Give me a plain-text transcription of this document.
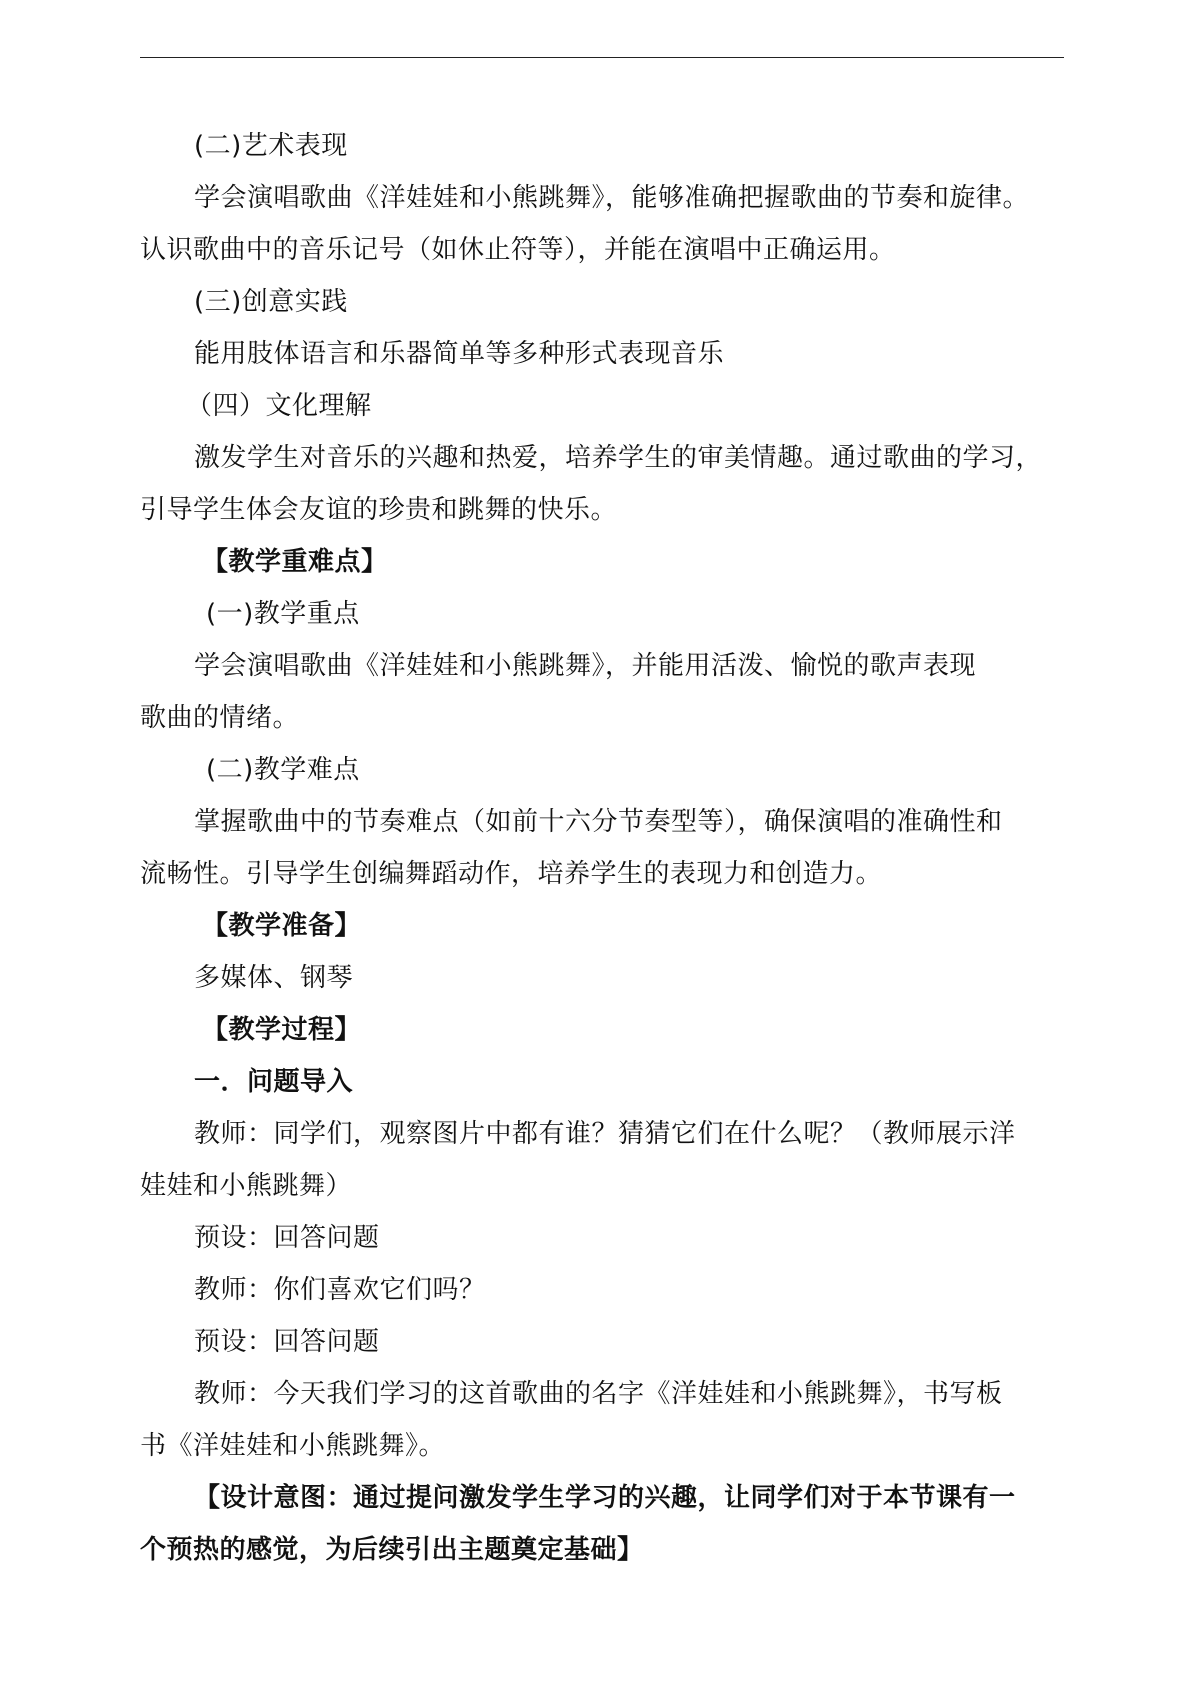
(二)艺术表现
学会演唱歌曲《洋娃娃和小熊跳舞》，能够准确把握歌曲的节奏和旋律。
认识歌曲中的音乐记号（如休止符等），并能在演唱中正确运用。
(三)创意实践
能用肢体语言和乐器简单等多种形式表现音乐
（四）文化理解
激发学生对音乐的兴趣和热爱，培养学生的审美情趣。通过歌曲的学习，
引导学生体会友谊的珍贵和跳舞的快乐。
【教学重难点】
(一)教学重点
学会演唱歌曲《洋娃娃和小熊跳舞》，并能用活泼、愉悦的歌声表现
歌曲的情绪。
(二)教学难点
掌握歌曲中的节奏难点（如前十六分节奏型等），确保演唱的准确性和
流畅性。引导学生创编舞蹈动作，培养学生的表现力和创造力。
【教学准备】
多媒体、钢琴
【教学过程】
一．问题导入
教师：同学们，观察图片中都有谁？猜猜它们在什么呢？（教师展示洋
娃娃和小熊跳舞）
预设：回答问题
教师：你们喜欢它们吗？
预设：回答问题
教师：今天我们学习的这首歌曲的名字《洋娃娃和小熊跳舞》，书写板
书《洋娃娃和小熊跳舞》。
【设计意图：通过提问激发学生学习的兴趣，让同学们对于本节课有一
个预热的感觉，为后续引出主题奠定基础】
